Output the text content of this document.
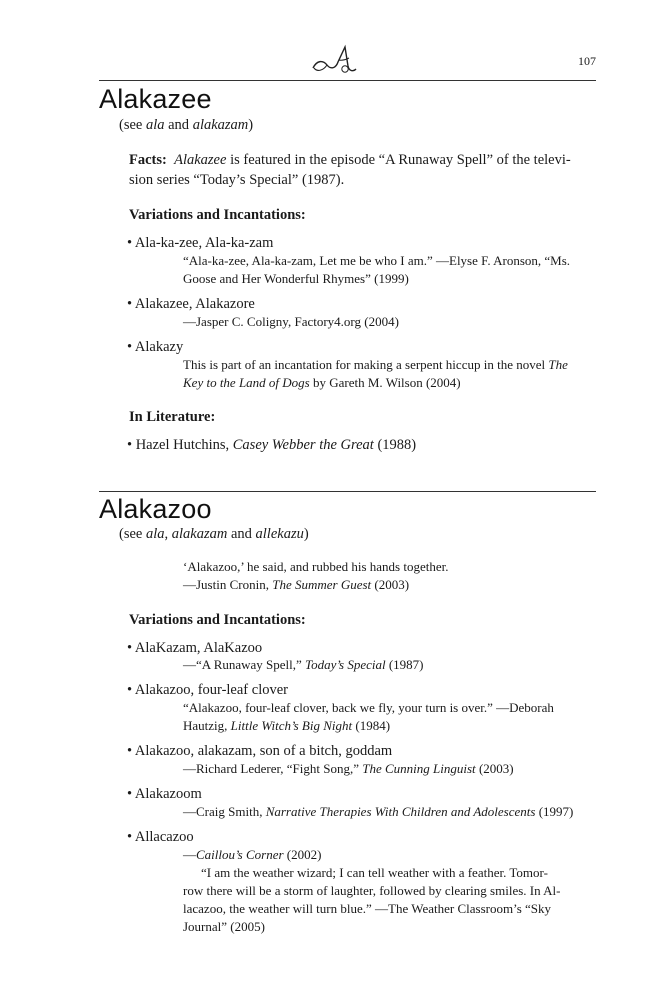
107
Alakazee
(see ala and alakazam)
Facts: Alakazee is featured in the episode “A Runaway Spell” of the televi-
sion series “Today’s Special” (1987).
Variations and Incantations:
• Ala-ka-zee, Ala-ka-zam
“Ala-ka-zee, Ala-ka-zam, Let me be who I am.” —Elyse F. Aronson, “Ms.
Goose and Her Wonderful Rhymes” (1999)
• Alakazee, Alakazore
—Jasper C. Coligny, Factory4.org (2004)
• Alakazy
This is part of an incantation for making a serpent hiccup in the novel The
Key to the Land of Dogs by Gareth M. Wilson (2004)
In Literature:
• Hazel Hutchins, Casey Webber the Great (1988)
Alakazoo
(see ala, alakazam and allekazu)
‘Alakazoo,’ he said, and rubbed his hands together.
—Justin Cronin, The Summer Guest (2003)
Variations and Incantations:
• AlaKazam, AlaKazoo
—“A Runaway Spell,” Today’s Special (1987)
• Alakazoo, four-leaf clover
“Alakazoo, four-leaf clover, back we fly, your turn is over.” —Deborah
Hautzig, Little Witch’s Big Night (1984)
• Alakazoo, alakazam, son of a bitch, goddam
—Richard Lederer, “Fight Song,” The Cunning Linguist (2003)
• Alakazoom
—Craig Smith, Narrative Therapies With Children and Adolescents (1997)
• Allacazoo
—Caillou’s Corner (2002)
“I am the weather wizard; I can tell weather with a feather. Tomor-
row there will be a storm of laughter, followed by clearing smiles. In Al-
lacazoo, the weather will turn blue.” —The Weather Classroom’s “Sky
Journal” (2005)
